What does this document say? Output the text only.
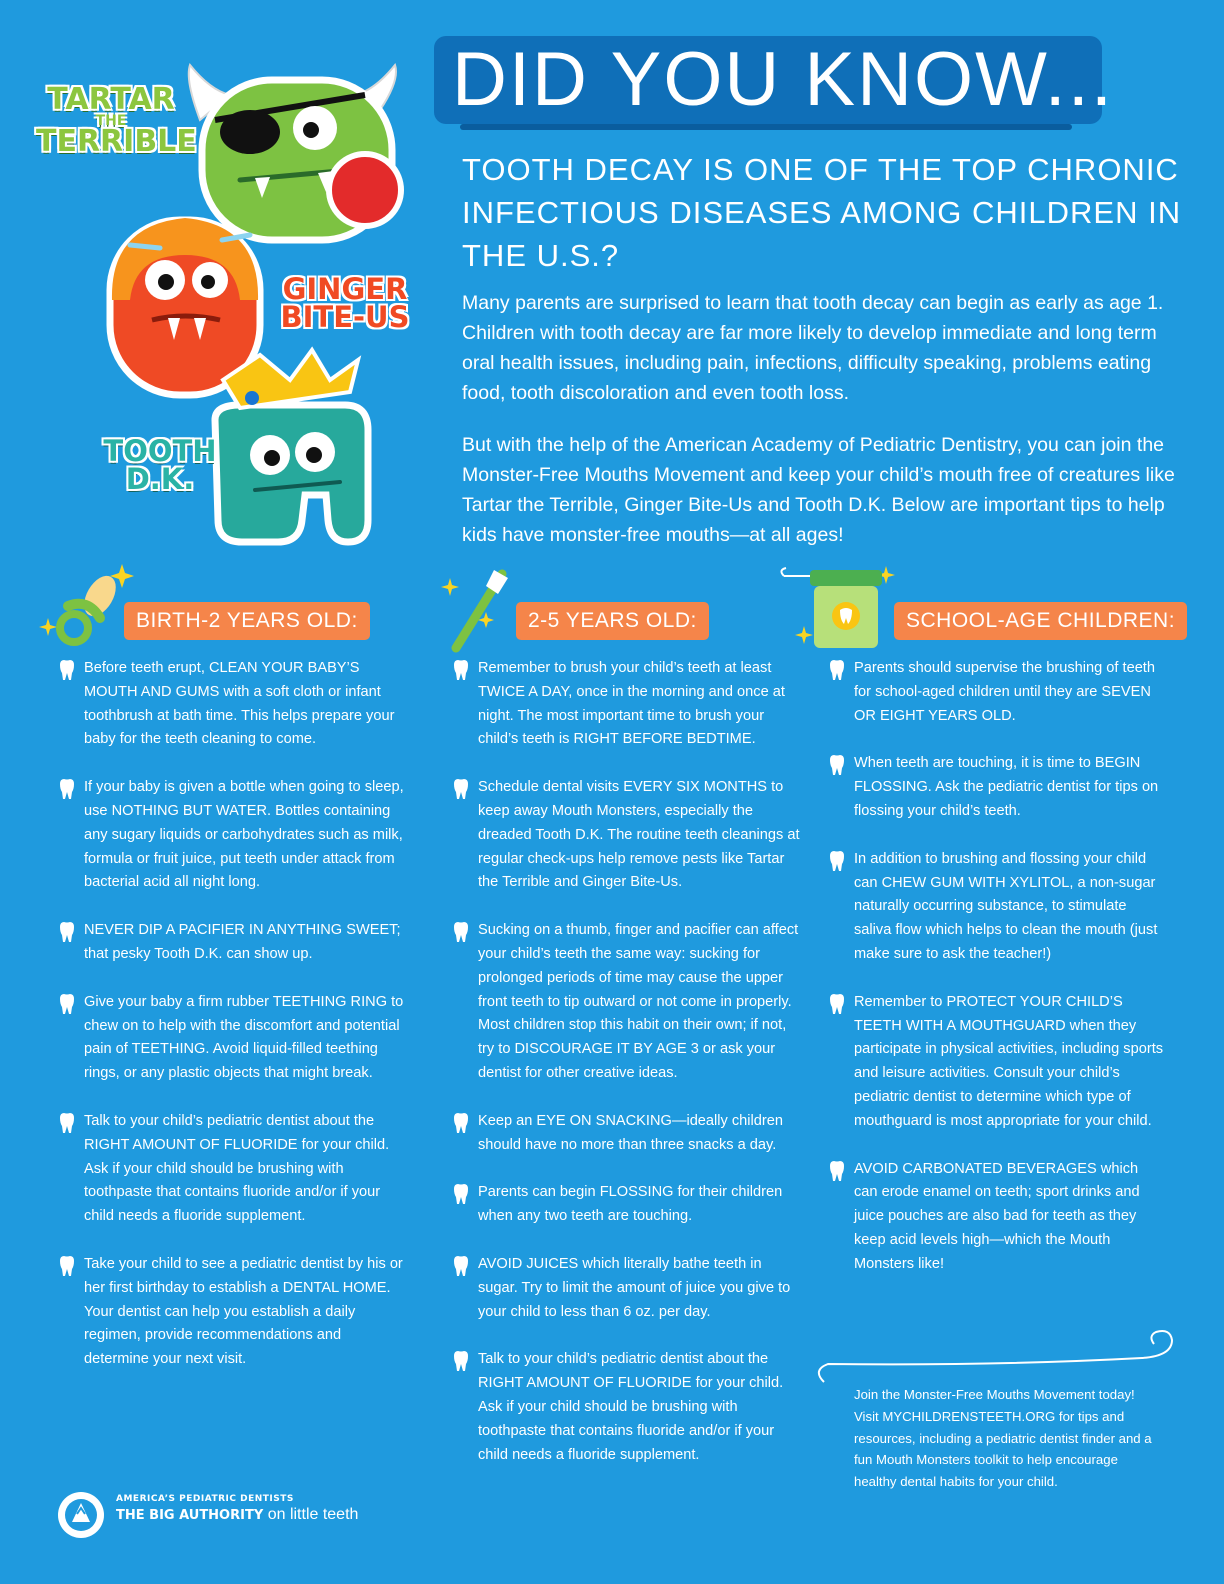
TARTAR

THE
TERRIBLE
GINGER
BITE-US
TOOTH
D.K.
DID YOU KNOW...
TOOTH DECAY IS ONE OF THE TOP CHRONIC INFECTIOUS DISEASES AMONG CHILDREN IN THE U.S.?

Many parents are surprised to learn that tooth decay can begin as early as age 1. Children with tooth decay are far more likely to develop immediate and long term oral health issues, including pain, infections, difficulty speaking, problems eating food, tooth discoloration and even tooth loss.

But with the help of the American Academy of Pediatric Dentistry, you can join the Monster-Free Mouths Movement and keep your child’s mouth free of creatures like Tartar the Terrible, Ginger Bite-Us and Tooth D.K. Below are important tips to help kids have monster-free mouths—at all ages!

BIRTH-2 YEARS OLD:
Before teeth erupt, CLEAN YOUR BABY’S MOUTH AND GUMS with a soft cloth or infant toothbrush at bath time. This helps prepare your baby for the teeth cleaning to come.
If your baby is given a bottle when going to sleep, use NOTHING BUT WATER. Bottles containing any sugary liquids or carbohydrates such as milk, formula or fruit juice, put teeth under attack from bacterial acid all night long.
NEVER DIP A PACIFIER IN ANYTHING SWEET; that pesky Tooth D.K. can show up.
Give your baby a firm rubber TEETHING RING to chew on to help with the discomfort and potential pain of TEETHING. Avoid liquid-filled teething rings, or any plastic objects that might break.
Talk to your child’s pediatric dentist about the RIGHT AMOUNT OF FLUORIDE for your child. Ask if your child should be brushing with toothpaste that contains fluoride and/or if your child needs a fluoride supplement.
Take your child to see a pediatric dentist by his or her first birthday to establish a DENTAL HOME. Your dentist can help you establish a daily regimen, provide recommendations and determine your next visit.
2-5 YEARS OLD:
Remember to brush your child’s teeth at least TWICE A DAY, once in the morning and once at night. The most important time to brush your child’s teeth is RIGHT BEFORE BEDTIME.
Schedule dental visits EVERY SIX MONTHS to keep away Mouth Monsters, especially the dreaded Tooth D.K. The routine teeth cleanings at regular check-ups help remove pests like Tartar the Terrible and Ginger Bite-Us.
Sucking on a thumb, finger and pacifier can affect your child’s teeth the same way: sucking for prolonged periods of time may cause the upper front teeth to tip outward or not come in properly. Most children stop this habit on their own; if not, try to DISCOURAGE IT BY AGE 3 or ask your dentist for other creative ideas.
Keep an EYE ON SNACKING—ideally children should have no more than three snacks a day.
Parents can begin FLOSSING for their children when any two teeth are touching.
AVOID JUICES which literally bathe teeth in sugar. Try to limit the amount of juice you give to your child to less than 6 oz. per day.
Talk to your child’s pediatric dentist about the RIGHT AMOUNT OF FLUORIDE for your child. Ask if your child should be brushing with toothpaste that contains fluoride and/or if your child needs a fluoride supplement.
SCHOOL-AGE CHILDREN:
Parents should supervise the brushing of teeth for school-aged children until they are SEVEN OR EIGHT YEARS OLD.
When teeth are touching, it is time to BEGIN FLOSSING. Ask the pediatric dentist for tips on flossing your child’s teeth.
In addition to brushing and flossing your child can CHEW GUM WITH XYLITOL, a non-sugar naturally occurring substance, to stimulate saliva flow which helps to clean the mouth (just make sure to ask the teacher!)
Remember to PROTECT YOUR CHILD’S TEETH WITH A MOUTHGUARD when they participate in physical activities, including sports and leisure activities. Consult your child’s pediatric dentist to determine which type of mouthguard is most appropriate for your child.
AVOID CARBONATED BEVERAGES which can erode enamel on teeth; sport drinks and juice pouches are also bad for teeth as they keep acid levels high—which the Mouth Monsters like!
Join the Monster-Free Mouths Movement today! Visit MYCHILDRENSTEETH.ORG for tips and resources, including a pediatric dentist finder and a fun Mouth Monsters toolkit to help encourage healthy dental habits for your child.
AMERICA’S PEDIATRIC DENTISTS
THE BIG AUTHORITY on little teeth
